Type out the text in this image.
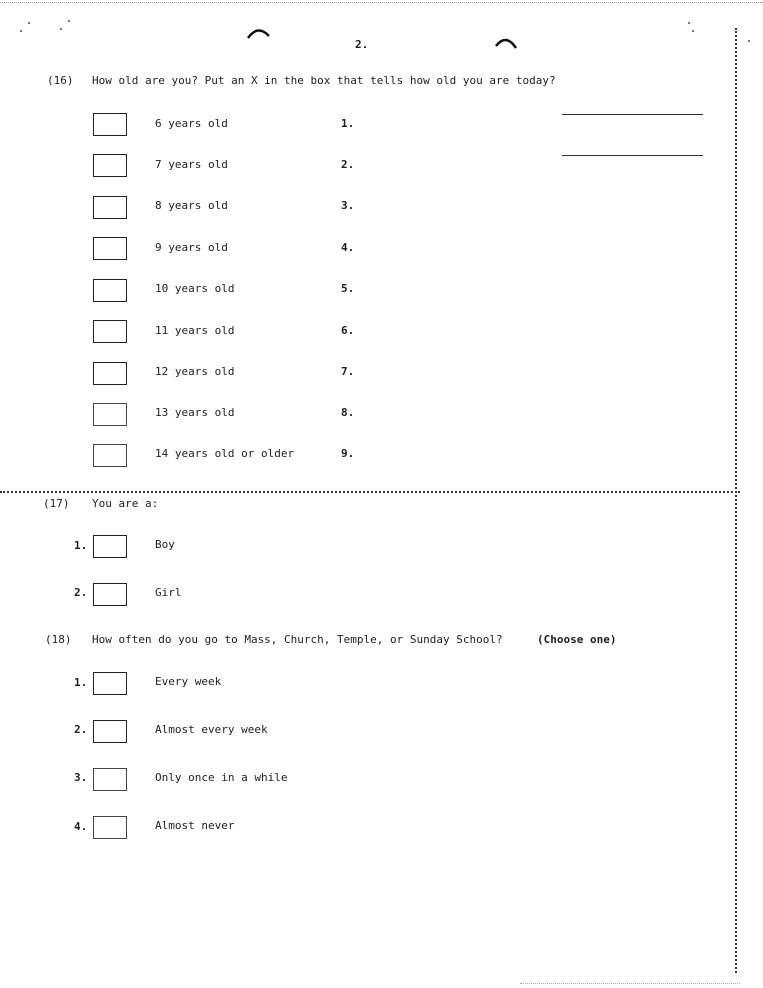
2.
(16) How old are you? Put an X in the box that tells how old you are today?
6 years old	1.
7 years old	2.
8 years old	3.
9 years old	4.
10 years old	5.
11 years old	6.
12 years old	7.
13 years old	8.
14 years old or older	9.
(17) You are a:
1.	Boy
2.	Girl
(18) How often do you go to Mass, Church, Temple, or Sunday School?	(Choose one)
1.	Every week
2.	Almost every week
3.	Only once in a while
4.	Almost never
